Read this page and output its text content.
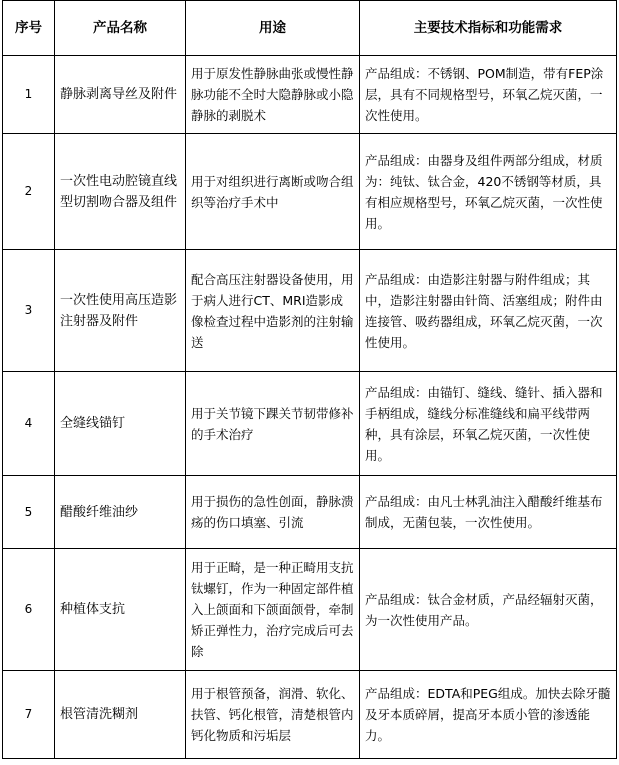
序号	产品名称	用途	主要技术指标和功能需求
1	静脉剥离导丝及附件	用于原发性静脉曲张或慢性静脉功能不全时大隐静脉或小隐静脉的剥脱术	产品组成：不锈钢、POM制造，带有FEP涂层，具有不同规格型号，环氧乙烷灭菌，一次性使用。
2	一次性电动腔镜直线型切割吻合器及组件	用于对组织进行离断或吻合组织等治疗手术中	产品组成：由器身及组件两部分组成，材质为：纯钛、钛合金，420不锈钢等材质，具有相应规格型号，环氧乙烷灭菌，一次性使用。
3	一次性使用高压造影注射器及附件	配合高压注射器设备使用，用于病人进行CT、MRI造影成像检查过程中造影剂的注射输送	产品组成：由造影注射器与附件组成；其中，造影注射器由针筒、活塞组成；附件由连接管、吸药器组成，环氧乙烷灭菌，一次性使用。
4	全缝线锚钉	用于关节镜下踝关节韧带修补的手术治疗	产品组成：由锚钉、缝线、缝针、插入器和手柄组成，缝线分标准缝线和扁平线带两种，具有涂层，环氧乙烷灭菌，一次性使用。
5	醋酸纤维油纱	用于损伤的急性创面，静脉溃疡的伤口填塞、引流	产品组成：由凡士林乳油注入醋酸纤维基布制成，无菌包装，一次性使用。
6	种植体支抗	用于正畸，是一种正畸用支抗钛螺钉，作为一种固定部件植入上颌面和下颌面颌骨，牵制矫正弹性力，治疗完成后可去除	产品组成：钛合金材质，产品经辐射灭菌，为一次性使用产品。
7	根管清洗糊剂	用于根管预备，润滑、软化、扶管、钙化根管，清楚根管内钙化物质和污垢层	产品组成：EDTA和PEG组成。加快去除牙髓及牙本质碎屑，提高牙本质小管的渗透能力。
